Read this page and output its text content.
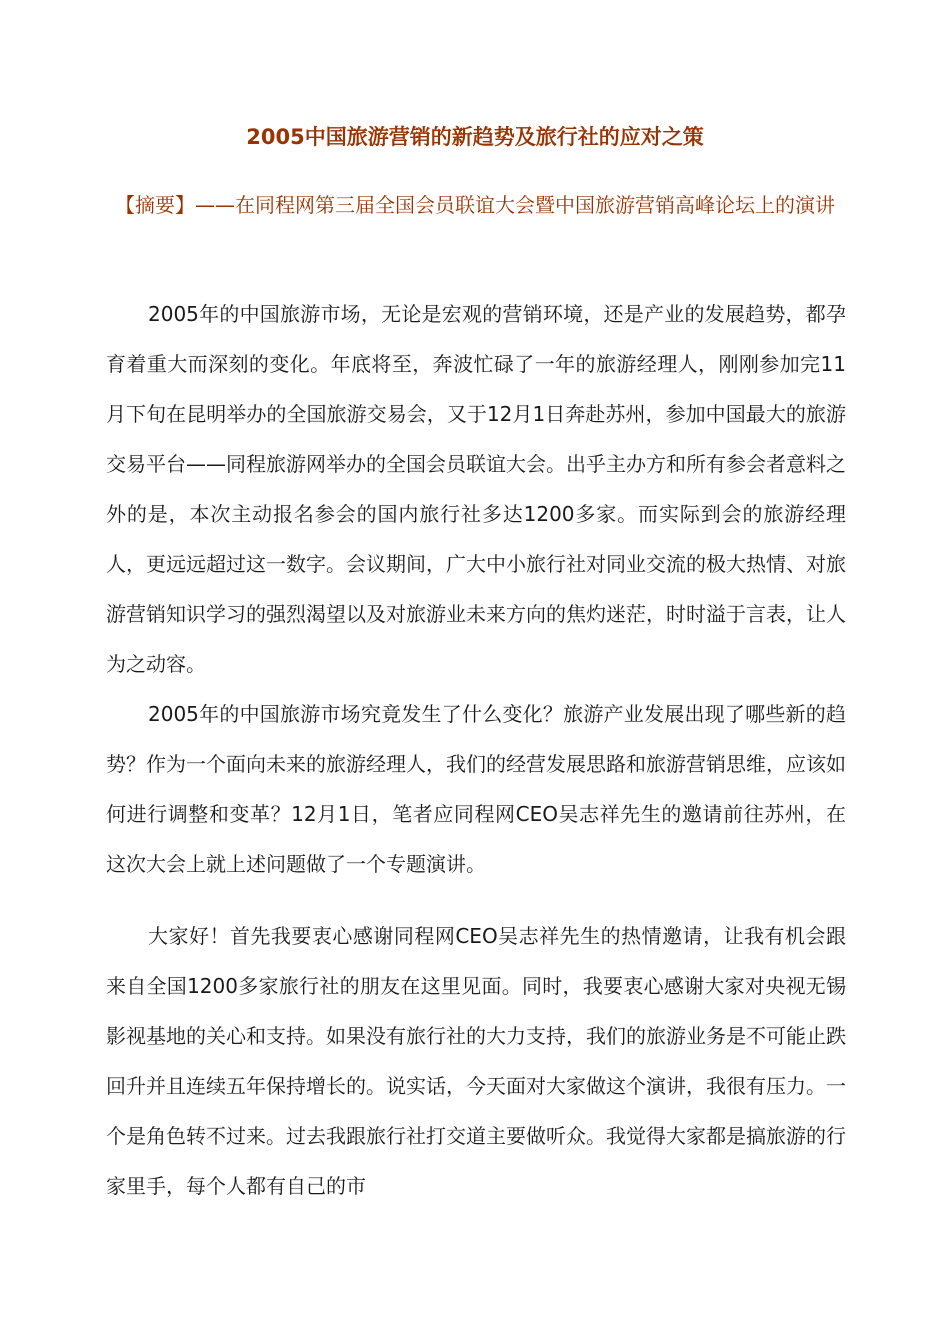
2005中国旅游营销的新趋势及旅行社的应对之策

【摘要】——在同程网第三届全国会员联谊大会暨中国旅游营销高峰论坛上的演讲

2005年的中国旅游市场，无论是宏观的营销环境，还是产业的发展趋势，都孕育着重大而深刻的变化。年底将至，奔波忙碌了一年的旅游经理人，刚刚参加完11月下旬在昆明举办的全国旅游交易会，又于12月1日奔赴苏州，参加中国最大的旅游交易平台——同程旅游网举办的全国会员联谊大会。出乎主办方和所有参会者意料之外的是，本次主动报名参会的国内旅行社多达1200多家。而实际到会的旅游经理人，更远远超过这一数字。会议期间，广大中小旅行社对同业交流的极大热情、对旅游营销知识学习的强烈渴望以及对旅游业未来方向的焦灼迷茫，时时溢于言表，让人为之动容。

2005年的中国旅游市场究竟发生了什么变化？旅游产业发展出现了哪些新的趋势？作为一个面向未来的旅游经理人，我们的经营发展思路和旅游营销思维，应该如何进行调整和变革？12月1日，笔者应同程网CEO吴志祥先生的邀请前往苏州，在这次大会上就上述问题做了一个专题演讲。

大家好！首先我要衷心感谢同程网CEO吴志祥先生的热情邀请，让我有机会跟来自全国1200多家旅行社的朋友在这里见面。同时，我要衷心感谢大家对央视无锡影视基地的关心和支持。如果没有旅行社的大力支持，我们的旅游业务是不可能止跌回升并且连续五年保持增长的。说实话，今天面对大家做这个演讲，我很有压力。一个是角色转不过来。过去我跟旅行社打交道主要做听众。我觉得大家都是搞旅游的行家里手，每个人都有自己的市
